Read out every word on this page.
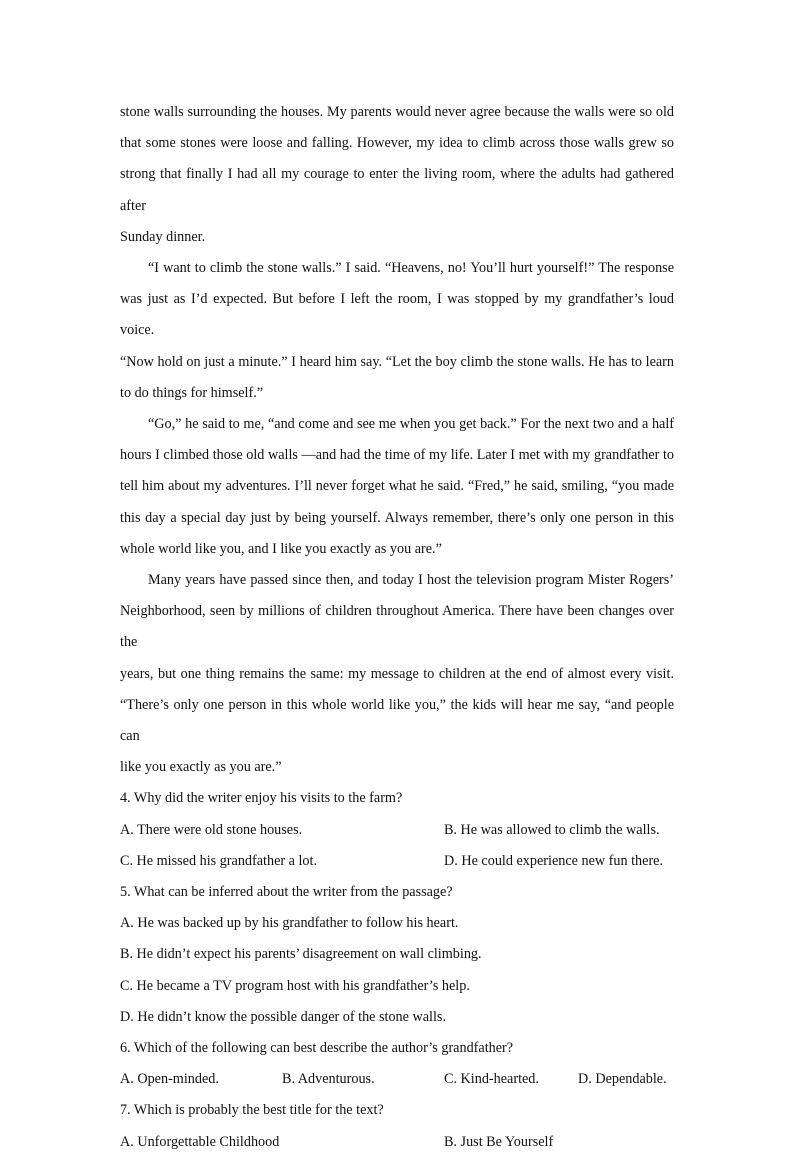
stone walls surrounding the houses. My parents would never agree because the walls were so old

that some stones were loose and falling. However, my idea to climb across those walls grew so

strong that finally I had all my courage to enter the living room, where the adults had gathered after

Sunday dinner.

“I want to climb the stone walls.” I said. “Heavens, no! You’ll hurt yourself!” The response

was just as I’d expected. But before I left the room, I was stopped by my grandfather’s loud voice.

“Now hold on just a minute.” I heard him say. “Let the boy climb the stone walls. He has to learn

to do things for himself.”

“Go,” he said to me, “and come and see me when you get back.” For the next two and a half

hours I climbed those old walls —and had the time of my life. Later I met with my grandfather to

tell him about my adventures. I’ll never forget what he said. “Fred,” he said, smiling, “you made

this day a special day just by being yourself. Always remember, there’s only one person in this

whole world like you, and I like you exactly as you are.”

Many years have passed since then, and today I host the television program Mister Rogers’

Neighborhood, seen by millions of children throughout America. There have been changes over the

years, but one thing remains the same: my message to children at the end of almost every visit.

“There’s only one person in this whole world like you,” the kids will hear me say, “and people can

like you exactly as you are.”

4. Why did the writer enjoy his visits to the farm?

A. There were old stone houses.	B. He was allowed to climb the walls.
C. He missed his grandfather a lot.	D. He could experience new fun there.

5. What can be inferred about the writer from the passage?

A. He was backed up by his grandfather to follow his heart.

B. He didn’t expect his parents’ disagreement on wall climbing.

C. He became a TV program host with his grandfather’s help.

D. He didn’t know the possible danger of the stone walls.

6. Which of the following can best describe the author’s grandfather?

A. Open-minded.	B. Adventurous.	C. Kind-hearted.	D. Dependable.

7. Which is probably the best title for the text?

A. Unforgettable Childhood	B. Just Be Yourself
